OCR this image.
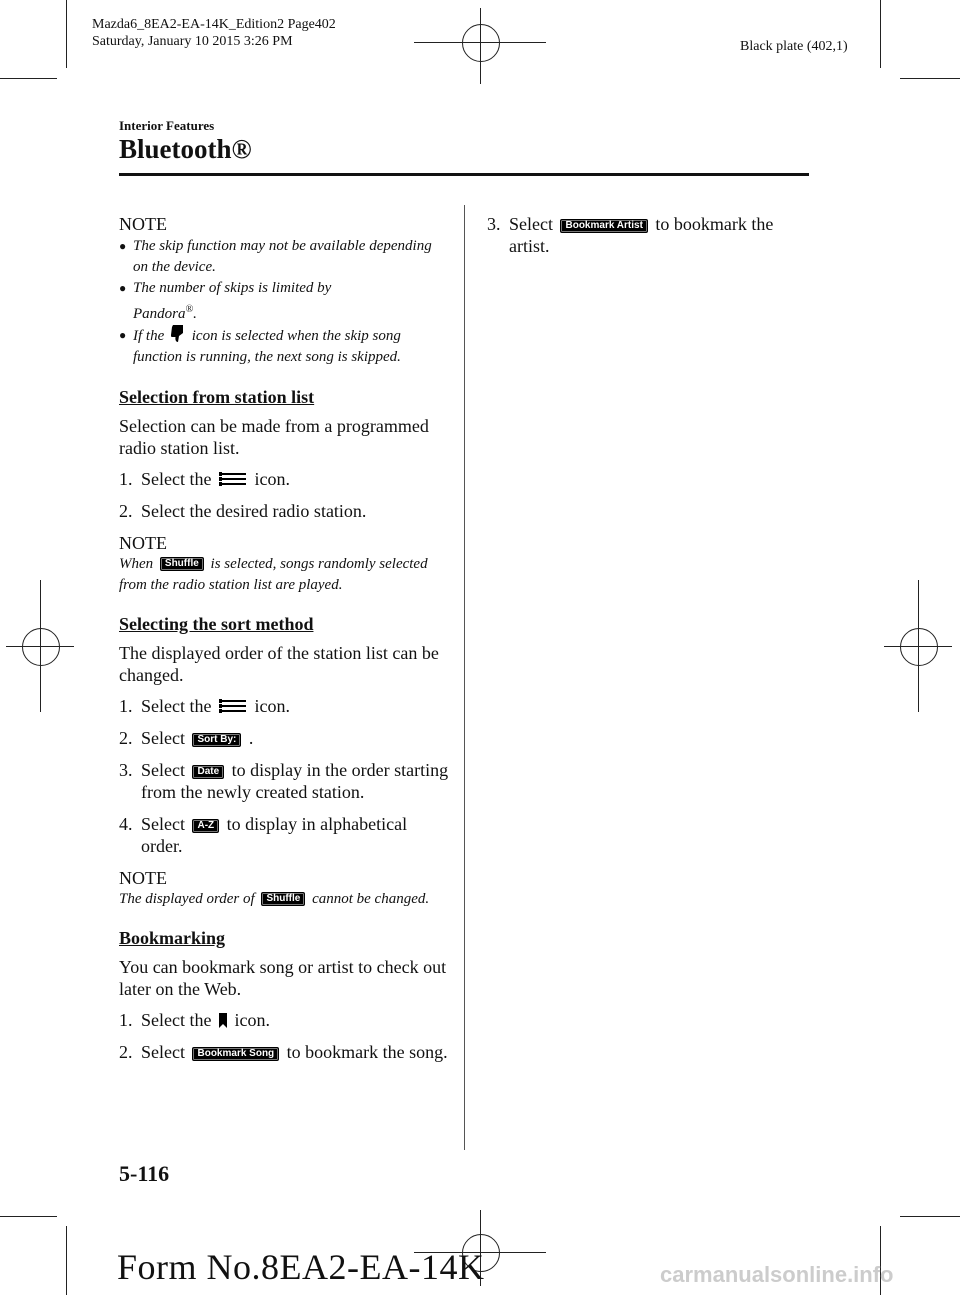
Mazda6_8EA2-EA-14K_Edition2 Page402
Saturday, January 10 2015 3:26 PM	Black plate (402,1)
Interior Features
Bluetooth®
NOTE
● The skip function may not be available depending on the device.
● The number of skips is limited by
Pandora®.
● If the icon is selected when the skip song function is running, the next song is skipped.
Selection from station list
Selection can be made from a programmed radio station list.
1. Select the icon.
2. Select the desired radio station.
NOTE
When Shuffle is selected, songs randomly selected from the radio station list are played.
Selecting the sort method
The displayed order of the station list can be changed.
1. Select the icon.
2. Select Sort By: .
3. Select Date to display in the order starting from the newly created station.
4. Select A-Z to display in alphabetical order.
NOTE
The displayed order of Shuffle cannot be changed.
Bookmarking
You can bookmark song or artist to check out later on the Web.
1. Select the icon.
2. Select Bookmark Song to bookmark the song.
3. Select Bookmark Artist to bookmark the artist.
5-116
Form No.8EA2-EA-14K	carmanualsonline.info
